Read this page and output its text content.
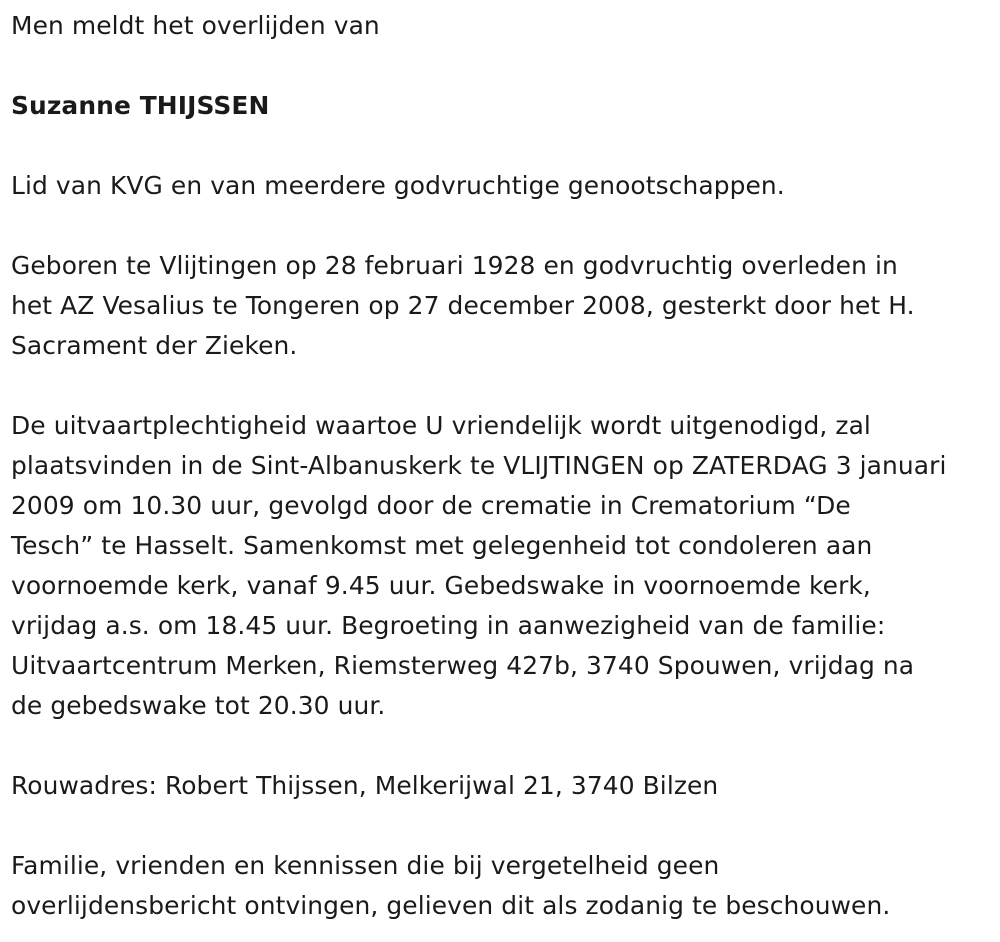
Men meldt het overlijden van

Suzanne THIJSSEN

Lid van KVG en van meerdere godvruchtige genootschappen.

Geboren te Vlijtingen op 28 februari 1928 en godvruchtig overleden in
het AZ Vesalius te Tongeren op 27 december 2008, gesterkt door het H.
Sacrament der Zieken.

De uitvaartplechtigheid waartoe U vriendelijk wordt uitgenodigd, zal
plaatsvinden in de Sint-Albanuskerk te VLIJTINGEN op ZATERDAG 3 januari
2009 om 10.30 uur, gevolgd door de crematie in Crematorium “De
Tesch” te Hasselt. Samenkomst met gelegenheid tot condoleren aan
voornoemde kerk, vanaf 9.45 uur. Gebedswake in voornoemde kerk,
vrijdag a.s. om 18.45 uur. Begroeting in aanwezigheid van de familie:
Uitvaartcentrum Merken, Riemsterweg 427b, 3740 Spouwen, vrijdag na
de gebedswake tot 20.30 uur.

Rouwadres: Robert Thijssen, Melkerijwal 21, 3740 Bilzen

Familie, vrienden en kennissen die bij vergetelheid geen
overlijdensbericht ontvingen, gelieven dit als zodanig te beschouwen.
